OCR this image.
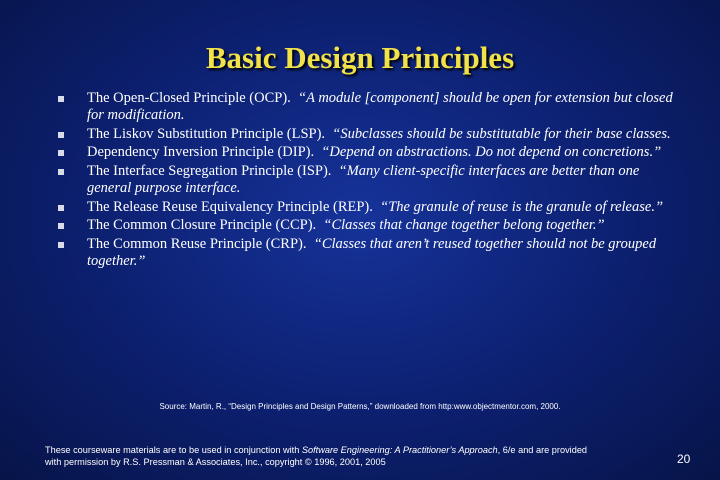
Basic Design Principles
The Open-Closed Principle (OCP). “A module [component] should be open for extension but closed for modification.
The Liskov Substitution Principle (LSP). “Subclasses should be substitutable for their base classes.
Dependency Inversion Principle (DIP). “Depend on abstractions. Do not depend on concretions.”
The Interface Segregation Principle (ISP). “Many client-specific interfaces are better than one general purpose interface.
The Release Reuse Equivalency Principle (REP). “The granule of reuse is the granule of release.”
The Common Closure Principle (CCP). “Classes that change together belong together.”
The Common Reuse Principle (CRP). “Classes that aren’t reused together should not be grouped together.”
Source: Martin, R., “Design Principles and Design Patterns,” downloaded from http:www.objectmentor.com, 2000.
These courseware materials are to be used in conjunction with Software Engineering: A Practitioner’s Approach, 6/e and are provided
with permission by R.S. Pressman & Associates, Inc., copyright © 1996, 2001, 2005	20
